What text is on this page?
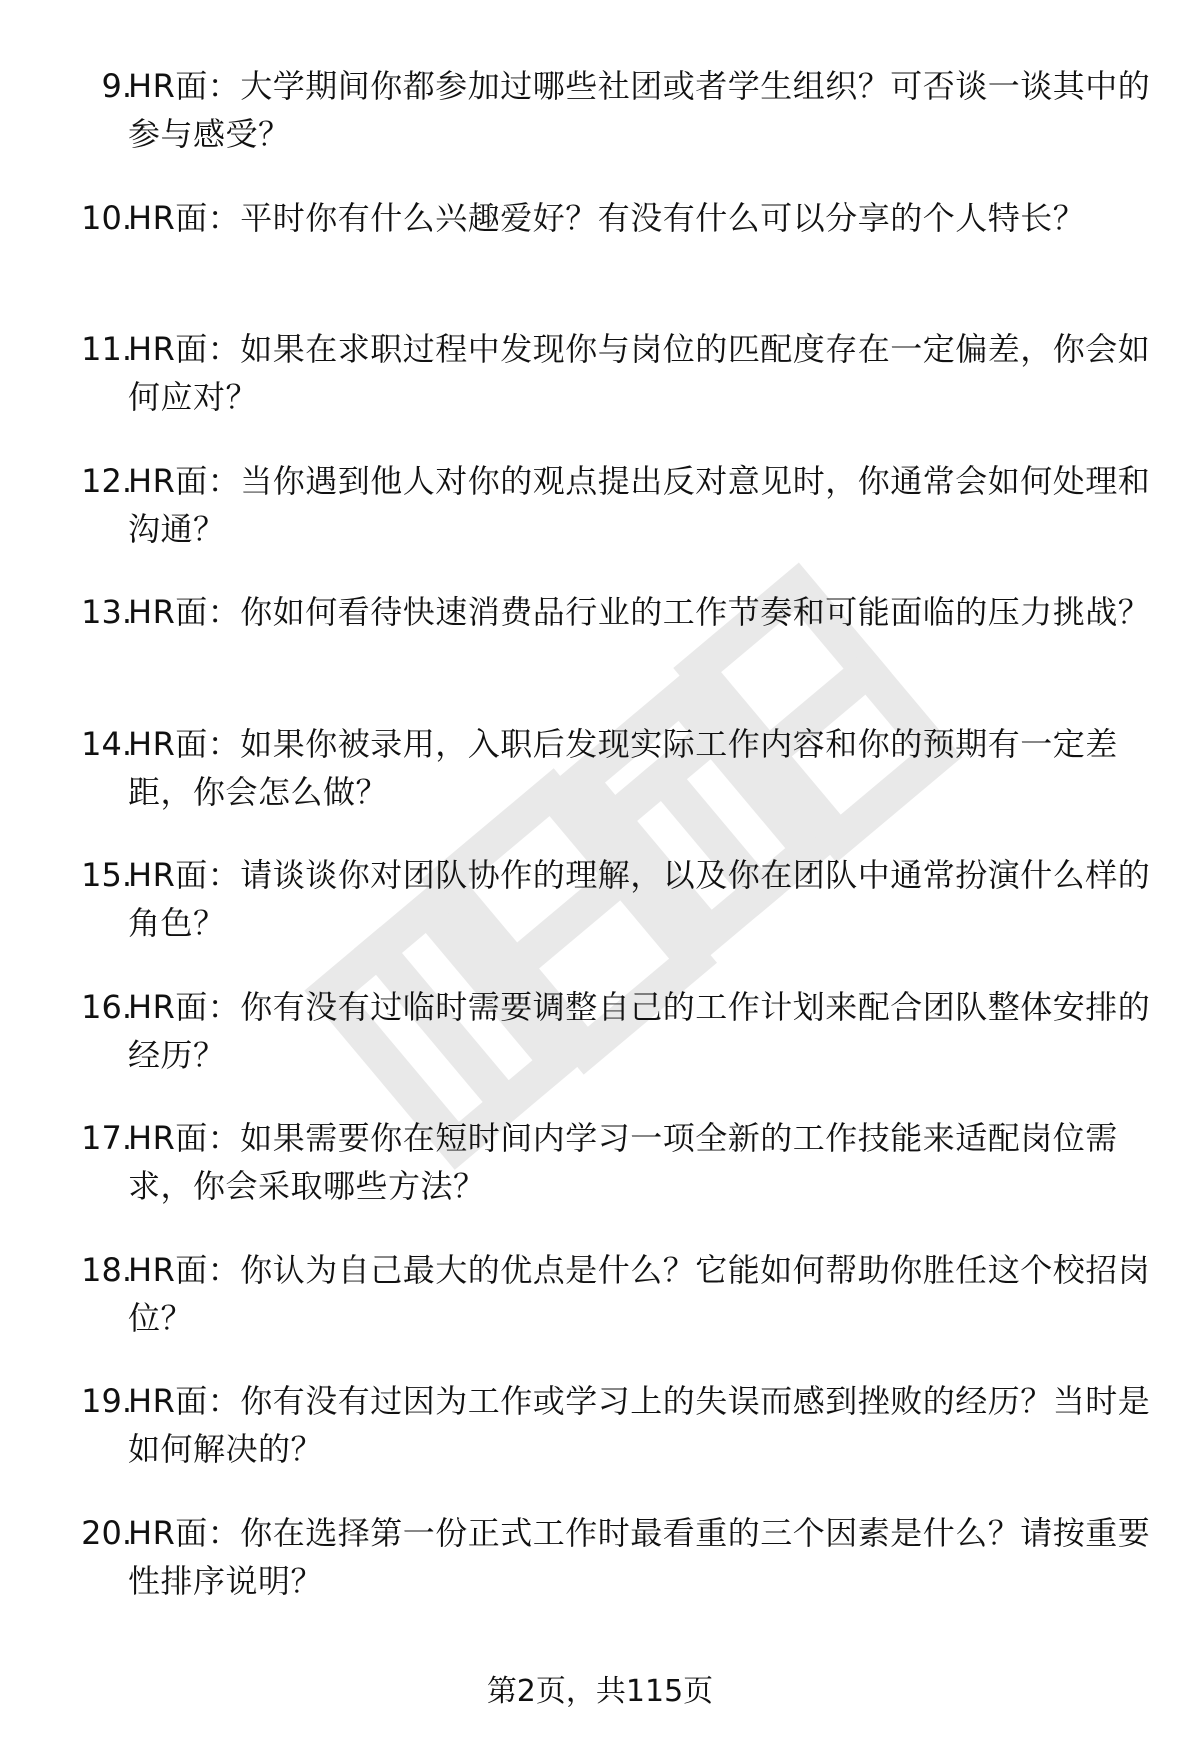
9.
HR面：大学期间你都参加过哪些社团或者学生组织？可否谈一谈其中的参与感受？
10.
HR面：平时你有什么兴趣爱好？有没有什么可以分享的个人特长？
11.
HR面：如果在求职过程中发现你与岗位的匹配度存在一定偏差，你会如何应对？
12.
HR面：当你遇到他人对你的观点提出反对意见时，你通常会如何处理和沟通？
13.
HR面：你如何看待快速消费品行业的工作节奏和可能面临的压力挑战？
14.
HR面：如果你被录用，入职后发现实际工作内容和你的预期有一定差距，你会怎么做？
15.
HR面：请谈谈你对团队协作的理解，以及你在团队中通常扮演什么样的角色？
16.
HR面：你有没有过临时需要调整自己的工作计划来配合团队整体安排的经历？
17.
HR面：如果需要你在短时间内学习一项全新的工作技能来适配岗位需求，你会采取哪些方法？
18.
HR面：你认为自己最大的优点是什么？它能如何帮助你胜任这个校招岗位？
19.
HR面：你有没有过因为工作或学习上的失误而感到挫败的经历？当时是如何解决的？
20.
HR面：你在选择第一份正式工作时最看重的三个因素是什么？请按重要性排序说明？
第2页，共115页
